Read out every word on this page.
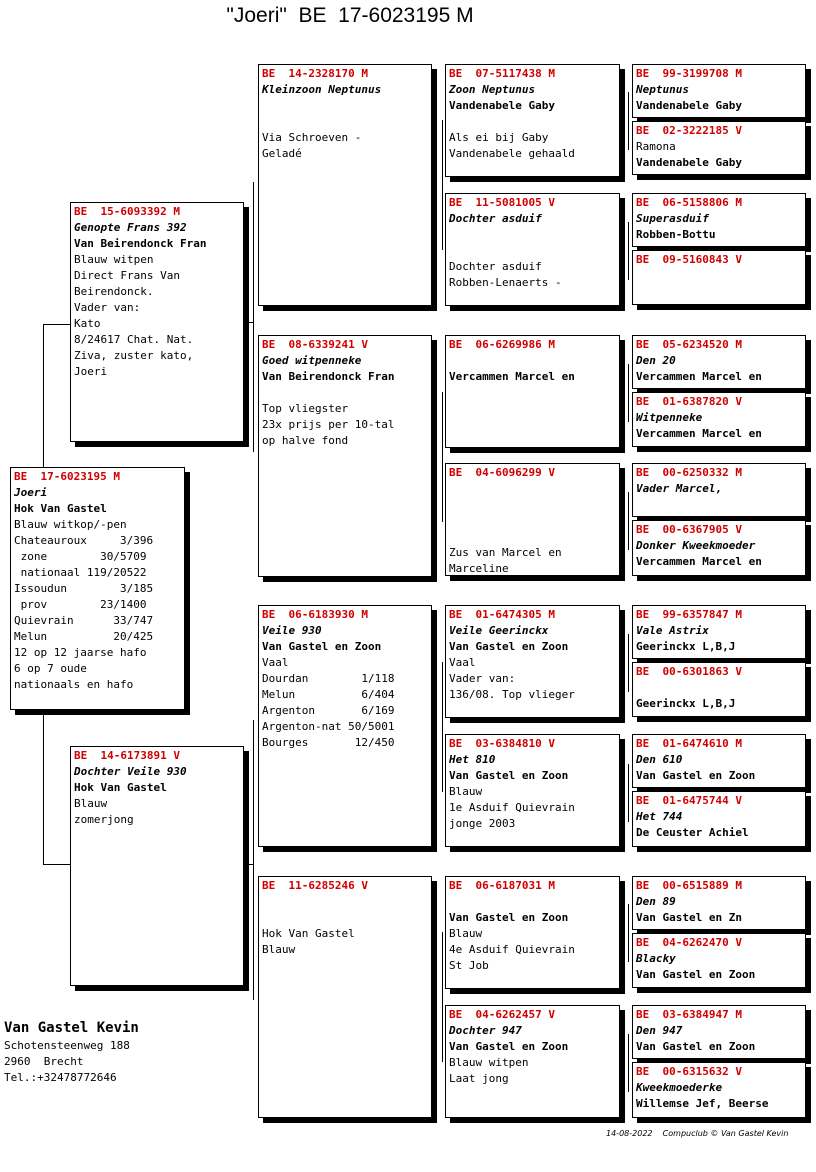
"Joeri"  BE  17-6023195 M
BE  17-6023195 M
Joeri
Hok Van Gastel
Blauw witkop/-pen
Chateauroux     3/396
zone        30/5709
nationaal 119/20522
Issoudun        3/185
prov        23/1400
Quievrain      33/747
Melun          20/425
12 op 12 jaarse hafo
6 op 7 oude
nationaals en hafo
BE  15-6093392 M
Genopte Frans 392
Van Beirendonck Fran
Blauw witpen
Direct Frans Van
Beirendonck.
Vader van:
Kato
8/24617 Chat. Nat.
Ziva, zuster kato,
Joeri
BE  14-6173891 V
Dochter Veile 930
Hok Van Gastel
Blauw
zomerjong
BE  14-2328170 M
Kleinzoon Neptunus

Via Schroeven -
Geladé
BE  08-6339241 V
Goed witpenneke
Van Beirendonck Fran

Top vliegster
23x prijs per 10-tal
op halve fond
BE  06-6183930 M
Veile 930
Van Gastel en Zoon
Vaal
Dourdan        1/118
Melun          6/404
Argenton       6/169
Argenton-nat 50/5001
Bourges       12/450
BE  11-6285246 V

Hok Van Gastel
Blauw
BE  07-5117438 M
Zoon Neptunus
Vandenabele Gaby

Als ei bij Gaby
Vandenabele gehaald
BE  11-5081005 V
Dochter asduif

Dochter asduif
Robben-Lenaerts -
BE  06-6269986 M

Vercammen Marcel en
BE  04-6096299 V

Zus van Marcel en
Marceline
BE  01-6474305 M
Veile Geerinckx
Van Gastel en Zoon
Vaal
Vader van:
136/08. Top vlieger
BE  03-6384810 V
Het 810
Van Gastel en Zoon
Blauw
1e Asduif Quievrain
jonge 2003
BE  06-6187031 M

Van Gastel en Zoon
Blauw
4e Asduif Quievrain
St Job
BE  04-6262457 V
Dochter 947
Van Gastel en Zoon
Blauw witpen
Laat jong
BE  99-3199708 M
Neptunus
Vandenabele Gaby
BE  02-3222185 V
Ramona
Vandenabele Gaby
BE  06-5158806 M
Superasduif
Robben-Bottu
BE  09-5160843 V
BE  05-6234520 M
Den 20
Vercammen Marcel en
BE  01-6387820 V
Witpenneke
Vercammen Marcel en
BE  00-6250332 M
Vader Marcel,
BE  00-6367905 V
Donker Kweekmoeder
Vercammen Marcel en
BE  99-6357847 M
Vale Astrix
Geerinckx L,B,J
BE  00-6301863 V

Geerinckx L,B,J
BE  01-6474610 M
Den 610
Van Gastel en Zoon
BE  01-6475744 V
Het 744
De Ceuster Achiel
BE  00-6515889 M
Den 89
Van Gastel en Zn
BE  04-6262470 V
Blacky
Van Gastel en Zoon
BE  03-6384947 M
Den 947
Van Gastel en Zoon
BE  00-6315632 V
Kweekmoederke
Willemse Jef, Beerse
Van Gastel Kevin
Schotensteenweg 188
2960  Brecht
Tel.:+32478772646
14-08-2022    Compuclub © Van Gastel Kevin
